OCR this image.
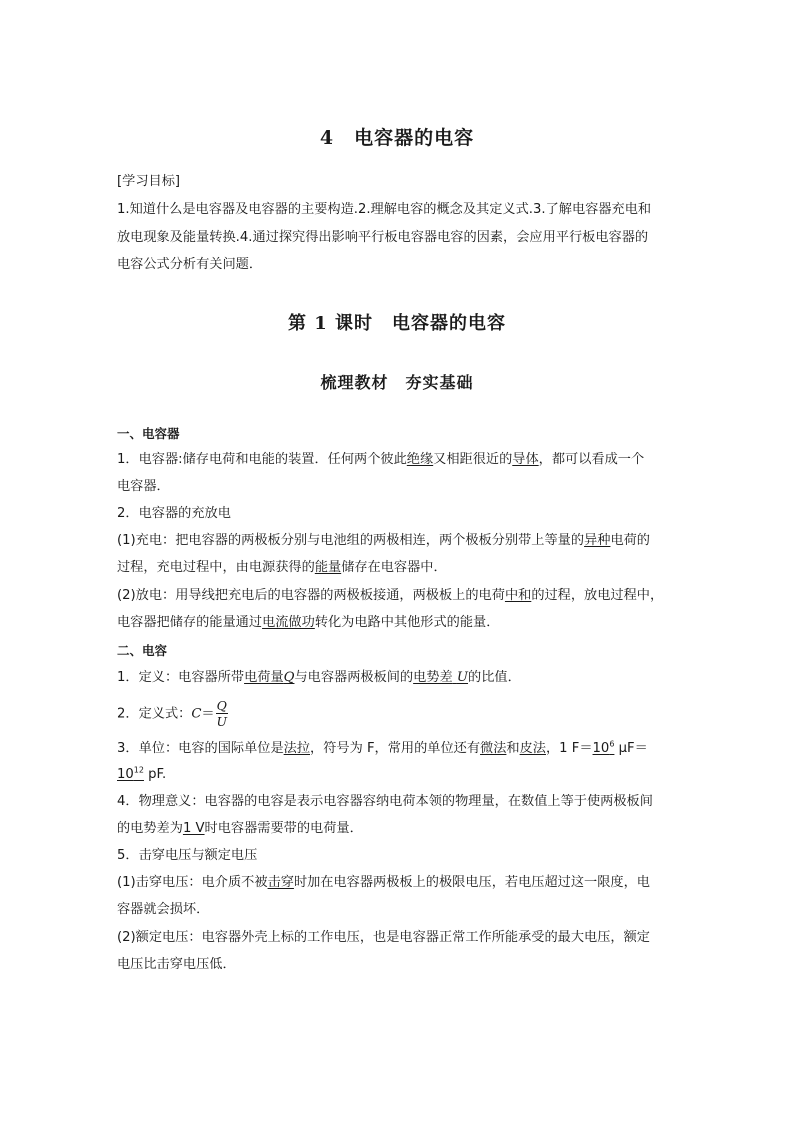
4　电容器的电容
[学习目标]
1.知道什么是电容器及电容器的主要构造.2.理解电容的概念及其定义式.3.了解电容器充电和
放电现象及能量转换.4.通过探究得出影响平行板电容器电容的因素，会应用平行板电容器的
电容公式分析有关问题．
第 1 课时　电容器的电容
梳理教材　夯实基础
一、电容器
1．电容器:储存电荷和电能的装置．任何两个彼此绝缘又相距很近的导体，都可以看成一个
电容器．
2．电容器的充放电
(1)充电：把电容器的两极板分别与电池组的两极相连，两个极板分别带上等量的异种电荷的
过程，充电过程中，由电源获得的能量储存在电容器中．
(2)放电：用导线把充电后的电容器的两极板接通，两极板上的电荷中和的过程，放电过程中，
电容器把储存的能量通过电流做功转化为电路中其他形式的能量．
二、电容
1．定义：电容器所带电荷量Q与电容器两极板间的电势差 U的比值．
2．定义式：$C= \frac{Q}{U}$
3．单位：电容的国际单位是法拉，符号为 F，常用的单位还有微法和皮法，1 $F=10^6$ μF＝
$10^{12}$ pF.
4．物理意义：电容器的电容是表示电容器容纳电荷本领的物理量，在数值上等于使两极板间
的电势差为1 V时电容器需要带的电荷量．
5．击穿电压与额定电压
(1)击穿电压：电介质不被击穿时加在电容器两极板上的极限电压，若电压超过这一限度，电
容器就会损坏．
(2)额定电压：电容器外壳上标的工作电压，也是电容器正常工作所能承受的最大电压，额定
电压比击穿电压低．
